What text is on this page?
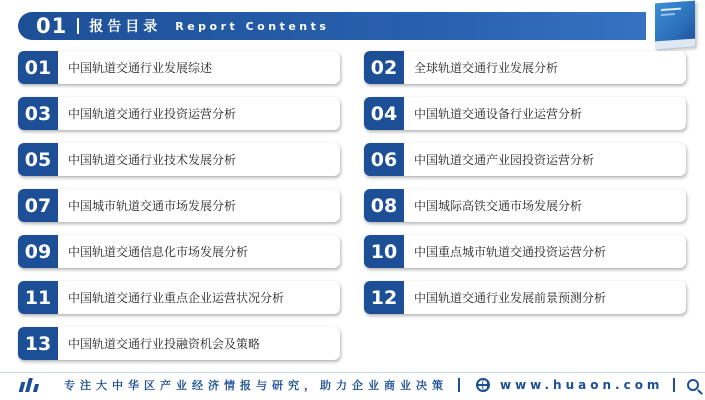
01 报告目录 Report Contents
01	中国轨道交通行业发展综述	02	全球轨道交通行业发展分析
03	中国轨道交通行业投资运营分析	04	中国轨道交通设备行业运营分析
05	中国轨道交通行业技术发展分析	06	中国轨道交通产业园投资运营分析
07	中国城市轨道交通市场发展分析	08	中国城际高铁交通市场发展分析
09	中国轨道交通信息化市场发展分析	10	中国重点城市轨道交通投资运营分析
11	中国轨道交通行业重点企业运营状况分析	12	中国轨道交通行业发展前景预测分析
13	中国轨道交通行业投融资机会及策略
专注大中华区产业经济情报与研究，助力企业商业决策	www.huaon.com
